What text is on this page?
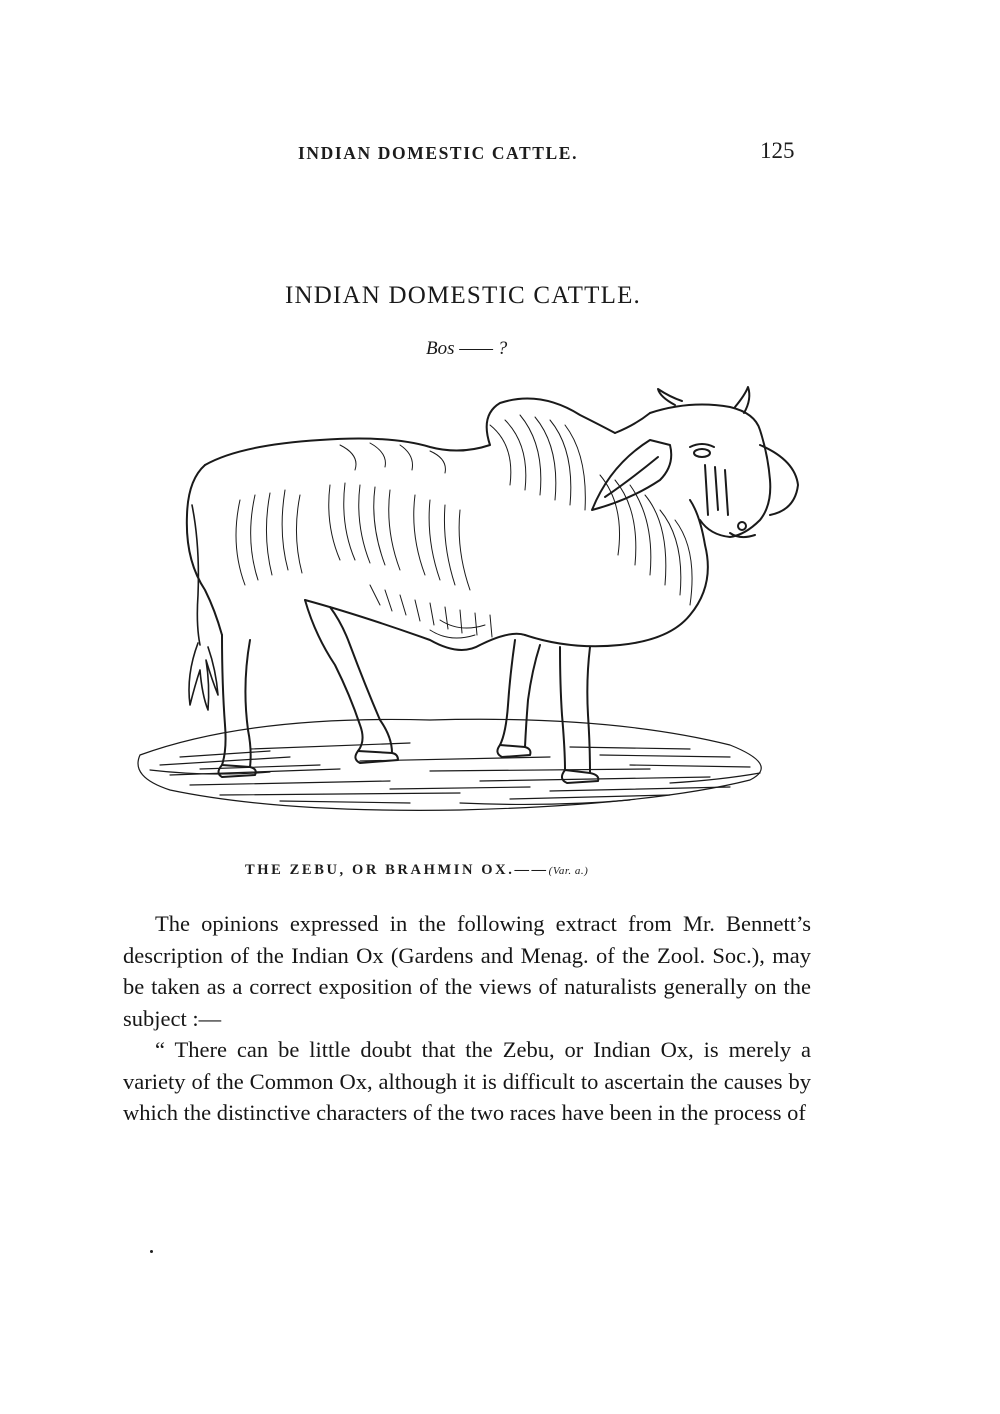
INDIAN DOMESTIC CATTLE.	125
INDIAN DOMESTIC CATTLE.
Bos —— ?
THE ZEBU, OR BRAHMIN OX.——(Var. a.)

The opinions expressed in the following extract from Mr. Bennett’s description of the Indian Ox (Gardens and Menag. of the Zool. Soc.), may be taken as a correct exposition of the views of naturalists generally on the subject :—

“ There can be little doubt that the Zebu, or Indian Ox, is merely a variety of the Common Ox, although it is difficult to ascertain the causes by which the distinctive characters of the two races have been in the process of
